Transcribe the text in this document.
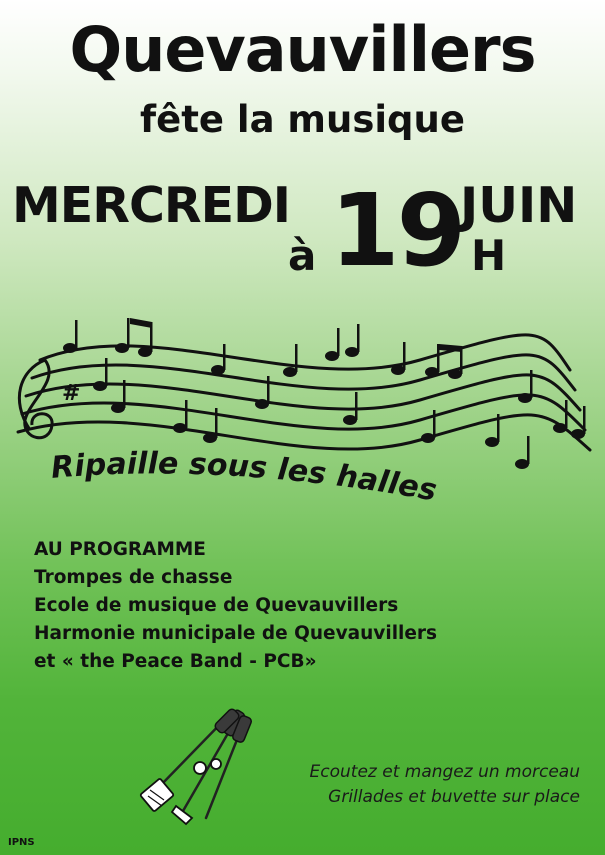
Quevauvillers
fête la musique
MERCREDI
à 19
JUIN
H
#
Ripaille sous les halles
AU PROGRAMME
Trompes de chasse
Ecole de musique de Quevauvillers
Harmonie municipale de Quevauvillers
et « the Peace Band - PCB»
Ecoutez et mangez un morceau
Grillades et buvette sur place
IPNS
